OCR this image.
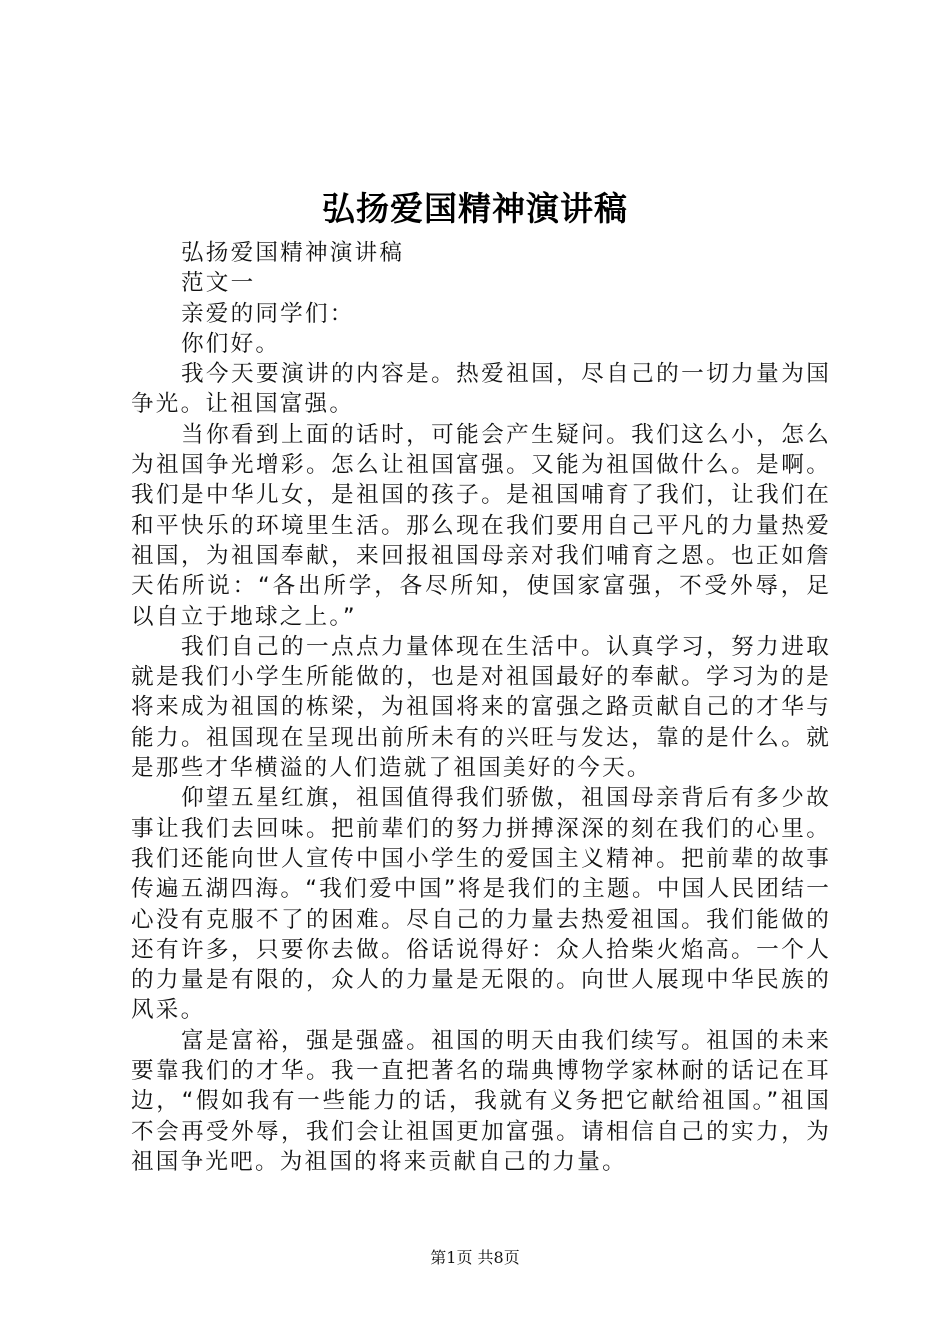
弘扬爱国精神演讲稿

弘扬爱国精神演讲稿

范文一

亲爱的同学们：

你们好。

我今天要演讲的内容是。热爱祖国，尽自己的一切力量为国争光。让祖国富强。

当你看到上面的话时，可能会产生疑问。我们这么小，怎么为祖国争光增彩。怎么让祖国富强。又能为祖国做什么。是啊。我们是中华儿女，是祖国的孩子。是祖国哺育了我们，让我们在和平快乐的环境里生活。那么现在我们要用自己平凡的力量热爱祖国，为祖国奉献，来回报祖国母亲对我们哺育之恩。也正如詹天佑所说：“各出所学，各尽所知，使国家富强，不受外辱，足以自立于地球之上。”

我们自己的一点点力量体现在生活中。认真学习，努力进取就是我们小学生所能做的，也是对祖国最好的奉献。学习为的是将来成为祖国的栋梁，为祖国将来的富强之路贡献自己的才华与能力。祖国现在呈现出前所未有的兴旺与发达，靠的是什么。就是那些才华横溢的人们造就了祖国美好的今天。

仰望五星红旗，祖国值得我们骄傲，祖国母亲背后有多少故事让我们去回味。把前辈们的努力拼搏深深的刻在我们的心里。我们还能向世人宣传中国小学生的爱国主义精神。把前辈的故事传遍五湖四海。“我们爱中国”将是我们的主题。中国人民团结一心没有克服不了的困难。尽自己的力量去热爱祖国。我们能做的还有许多，只要你去做。俗话说得好：众人拾柴火焰高。一个人的力量是有限的，众人的力量是无限的。向世人展现中华民族的风采。

富是富裕，强是强盛。祖国的明天由我们续写。祖国的未来要靠我们的才华。我一直把著名的瑞典博物学家林耐的话记在耳边，“假如我有一些能力的话，我就有义务把它献给祖国。”祖国不会再受外辱，我们会让祖国更加富强。请相信自己的实力，为祖国争光吧。为祖国的将来贡献自己的力量。

第1页 共8页
